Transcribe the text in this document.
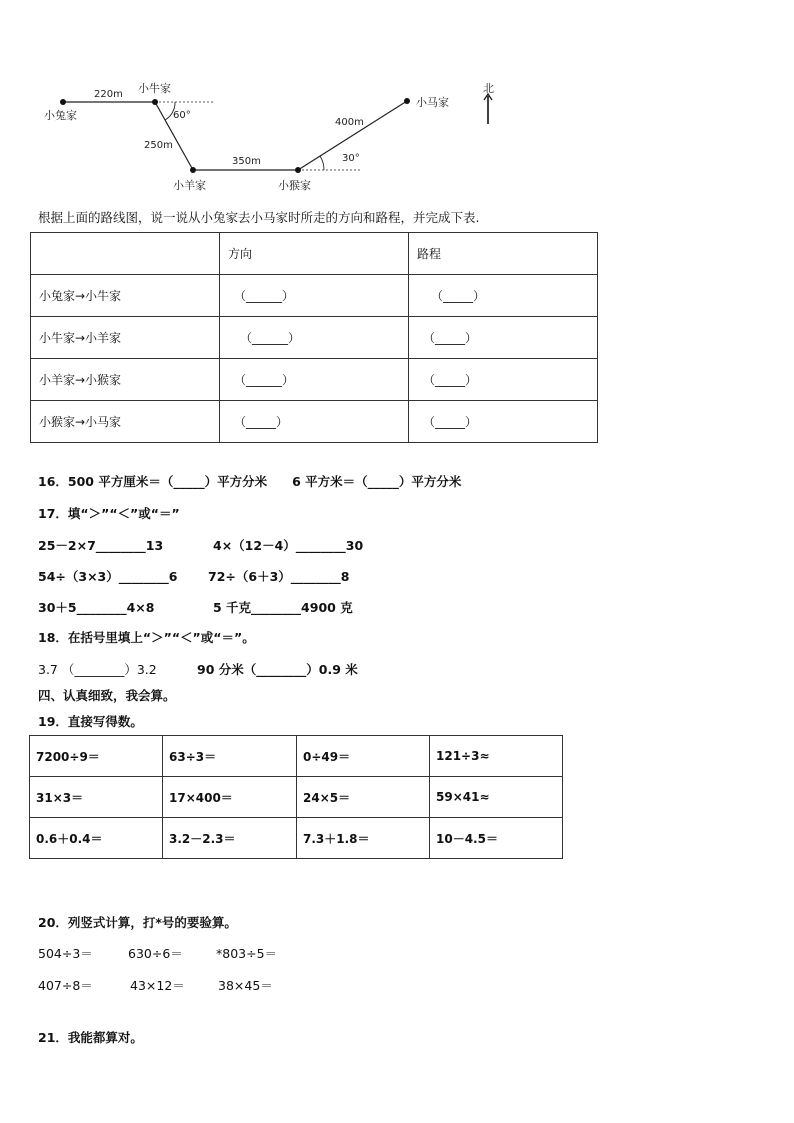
小兔家
小牛家
小羊家	小猴家
小马家
220m
250m
350m
400m
60°
30°
北
根据上面的路线图，说一说从小兔家去小马家时所走的方向和路程，并完成下表.
	方向	路程
小兔家→小牛家	（______）	（_____）
小牛家→小羊家	（______）	（_____）
小羊家→小猴家	（______）	（_____）
小猴家→小马家	（_____）	（_____）
16．500 平方厘米＝（_____）平方分米　　6 平方米＝（_____）平方分米
17．填“＞”“＜”或“＝”
25－2×7________13	4×（12－4）________30
54÷（3×3）________6 72÷（6＋3）________8
30＋5________4×8	5 千克________4900 克
18．在括号里填上“＞”“＜”或“＝”。
3.7 （________）3.2	90 分米（________）0.9 米
四、认真细致，我会算。
19．直接写得数。
7200÷9＝	63÷3＝	0÷49＝	121÷3≈
31×3＝	17×400＝	24×5＝	59×41≈
0.6＋0.4＝	3.2－2.3＝	7.3＋1.8＝	10－4.5＝
20．列竖式计算，打*号的要验算。
504÷3＝	630÷6＝	*803÷5＝
407÷8＝	43×12＝	38×45＝
21．我能都算对。
